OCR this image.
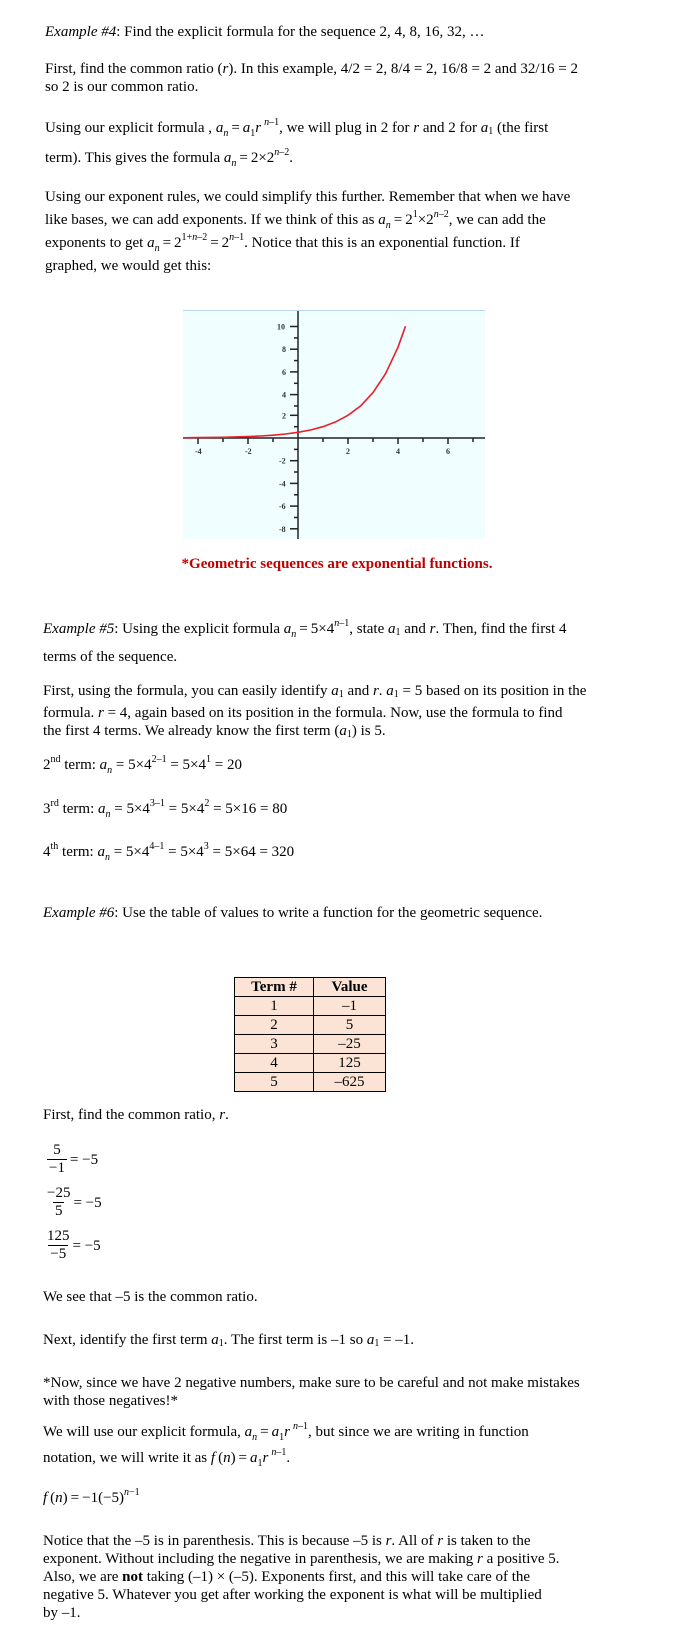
Example #4: Find the explicit formula for the sequence 2, 4, 8, 16, 32, …
First, find the common ratio (r). In this example, 4/2 = 2, 8/4 = 2, 16/8 = 2 and 32/16 = 2
so 2 is our common ratio.
Using our explicit formula , $a_n = a_1r$  $^{n-1}$, we will plug in 2 for r and 2 for a1 (the first
term). This gives the formula $a_n = 2\times 2^{n-2}$.
Using our exponent rules, we could simplify this further. Remember that when we have
like bases, we can add exponents. If we think of this as $a_n = 2^1\times 2^{n-2}$, we can add the
exponents to get $a_n = 2^{1+n-2} = 2^{n-1}$. Notice that this is an exponential function. If
graphed, we would get this:
-4	-2	2	4	6
10
8
6
4
2
-2
-4
-6
-8
*Geometric sequences are exponential functions.
Example #5: Using the explicit formula $a_n = 5\times 4^{n-1}$, state a1 and r. Then, find the first 4
terms of the sequence.
First, using the formula, you can easily identify a1 and r. a1 = 5 based on its position in the
formula. r = 4, again based on its position in the formula. Now, use the formula to find
the first 4 terms. We already know the first term (a1) is 5.
2nd term: $a_n = 5\times 4^{2-1} = 5\times 4^1 = 20$
3rd term: $a_n = 5\times 4^{3-1} = 5\times 4^2 = 5\times 16 = 80$
4th term: $a_n = 5\times 4^{4-1} = 5\times 4^3 = 5\times 64 = 320$
Example #6: Use the table of values to write a function for the geometric sequence.
Term #	Value
1	–1
2	5
3	–25
4	125
5	–625
First, find the common ratio, r.
$\frac{5}{-1} = -5$
$\frac{-25}{5} = -5$
$\frac{125}{-5} = -5$
We see that –5 is the common ratio.
Next, identify the first term a1. The first term is –1 so a1 = –1.
*Now, since we have 2 negative numbers, make sure to be careful and not make mistakes
with those negatives!*
We will use our explicit formula, $a_n = a_1r$  $^{n-1}$, but since we are writing in function
notation, we will write it as f $(n) = a_1r$  $^{n-1}$.
f $(n) = -1(-5)^{n-1}$
Notice that the –5 is in parenthesis. This is because –5 is r. All of r is taken to the
exponent. Without including the negative in parenthesis, we are making r a positive 5.
Also, we are not taking (–1) × (–5). Exponents first, and this will take care of the
negative 5. Whatever you get after working the exponent is what will be multiplied
by –1.
